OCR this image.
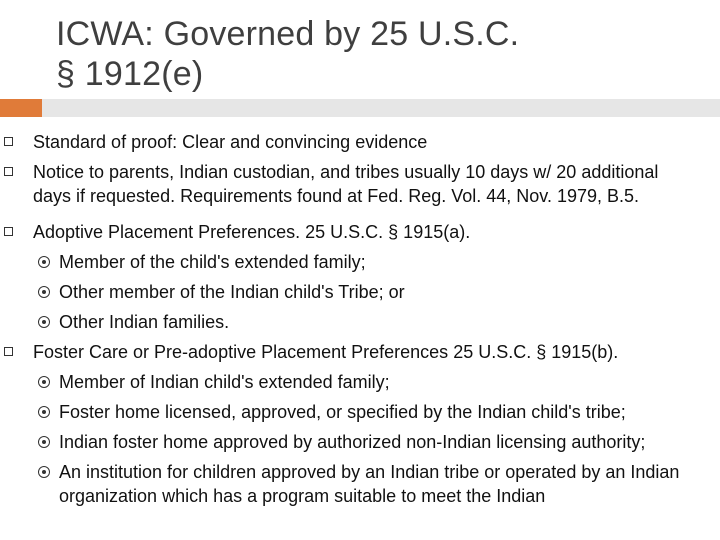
ICWA: Governed by 25 U.S.C.
§ 1912(e)
Standard of proof: Clear and convincing evidence
Notice to parents, Indian custodian, and tribes usually 10 days w/ 20 additional days if requested. Requirements found at Fed. Reg. Vol. 44, Nov. 1979, B.5.
Adoptive Placement Preferences. 25 U.S.C. § 1915(a).
Member of the child's extended family;
Other member of the Indian child's Tribe; or
Other Indian families.
Foster Care or Pre-adoptive Placement Preferences 25 U.S.C. § 1915(b).
Member of Indian child's extended family;
Foster home licensed, approved, or specified by the Indian child's tribe;
Indian foster home approved by authorized non-Indian licensing authority;
An institution for children approved by an Indian tribe or operated by an Indian organization which has a program suitable to meet the Indian
